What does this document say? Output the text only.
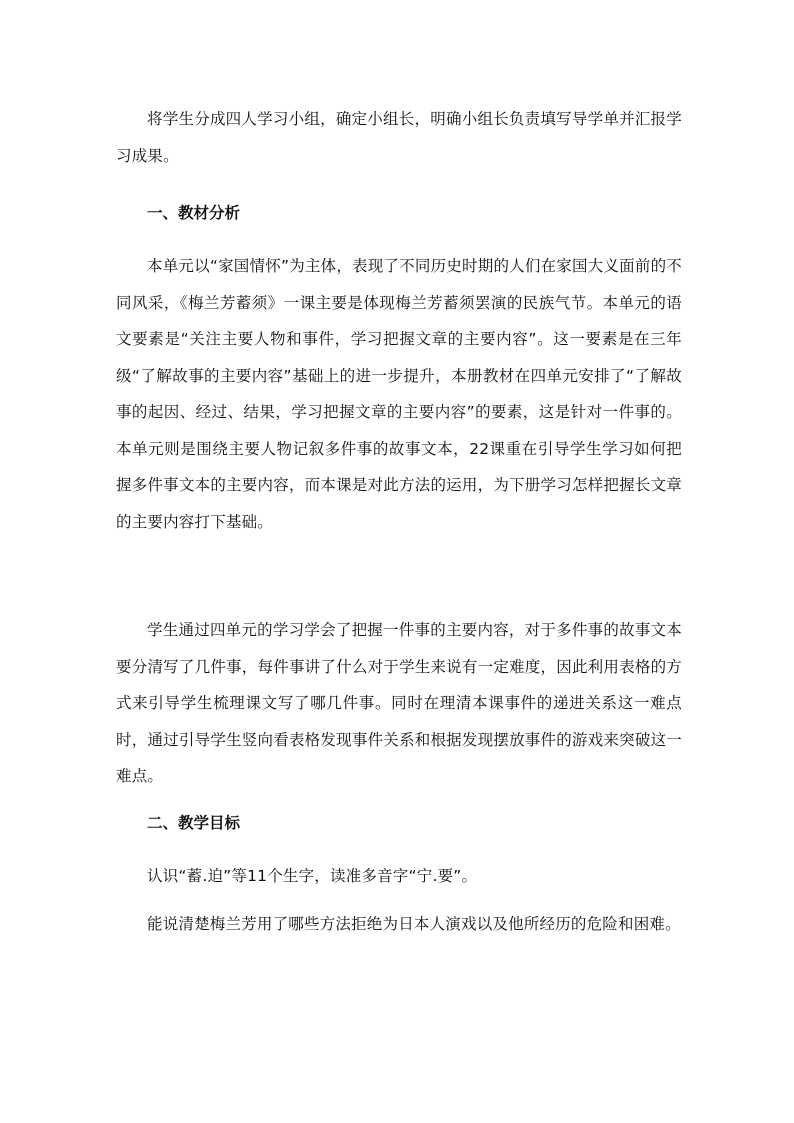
将学生分成四人学习小组，确定小组长，明确小组长负责填写导学单并汇报学习成果。

一、教材分析

本单元以“家国情怀”为主体，表现了不同历史时期的人们在家国大义面前的不同风采，《梅兰芳蓄须》一课主要是体现梅兰芳蓄须罢演的民族气节。本单元的语文要素是“关注主要人物和事件，学习把握文章的主要内容”。这一要素是在三年级“了解故事的主要内容”基础上的进一步提升，本册教材在四单元安排了“了解故事的起因、经过、结果，学习把握文章的主要内容”的要素，这是针对一件事的。本单元则是围绕主要人物记叙多件事的故事文本，22课重在引导学生学习如何把握多件事文本的主要内容，而本课是对此方法的运用，为下册学习怎样把握长文章的主要内容打下基础。

学生通过四单元的学习学会了把握一件事的主要内容，对于多件事的故事文本要分清写了几件事，每件事讲了什么对于学生来说有一定难度，因此利用表格的方式来引导学生梳理课文写了哪几件事。同时在理清本课事件的递进关系这一难点时，通过引导学生竖向看表格发现事件关系和根据发现摆放事件的游戏来突破这一难点。

二、教学目标

认识“蓄.迫”等11个生字，读准多音字“宁.要”。

能说清楚梅兰芳用了哪些方法拒绝为日本人演戏以及他所经历的危险和困难。
